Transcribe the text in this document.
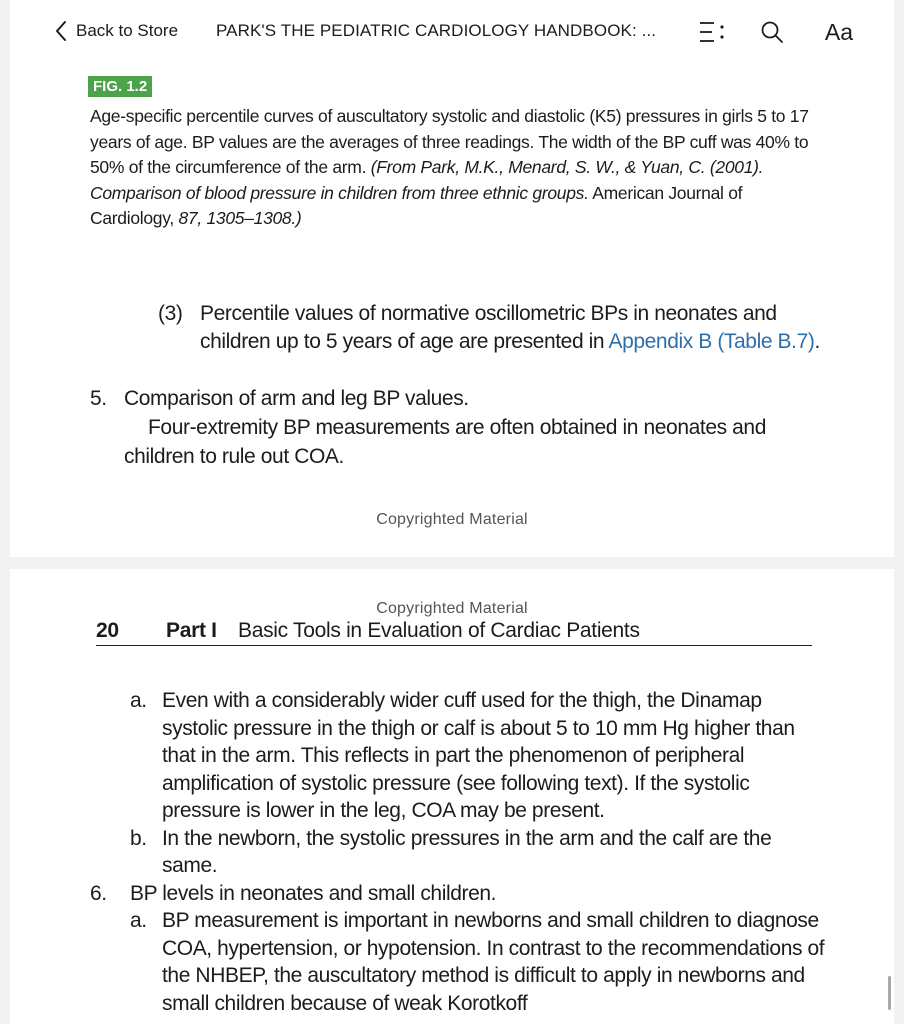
Back to Store PARK'S THE PEDIATRIC CARDIOLOGY HANDBOOK: ...	Aa
FIG. 1.2
Age-specific percentile curves of auscultatory systolic and diastolic (K5) pressures in girls 5 to 17 years of age. BP values are the averages of three readings. The width of the BP cuff was 40% to 50% of the circumference of the arm. (From Park, M.K., Menard, S. W., & Yuan, C. (2001). Comparison of blood pressure in children from three ethnic groups. American Journal of Cardiology, 87, 1305–1308.)
(3) Percentile values of normative oscillometric BPs in neonates and children up to 5 years of age are presented in Appendix B (Table B.7).
5. Comparison of arm and leg BP values.
Four-extremity BP measurements are often obtained in neonates and children to rule out COA.
Copyrighted Material
Copyrighted Material
20 Part I Basic Tools in Evaluation of Cardiac Patients
a. Even with a considerably wider cuff used for the thigh, the Dinamap systolic pressure in the thigh or calf is about 5 to 10 mm Hg higher than that in the arm. This reflects in part the phenomenon of peripheral amplification of systolic pressure (see following text). If the systolic pressure is lower in the leg, COA may be present.
b. In the newborn, the systolic pressures in the arm and the calf are the same.
6. BP levels in neonates and small children.
a. BP measurement is important in newborns and small children to diagnose COA, hypertension, or hypotension. In contrast to the recommendations of the NHBEP, the auscultatory method is difficult to apply in newborns and small children because of weak Korotkoff
